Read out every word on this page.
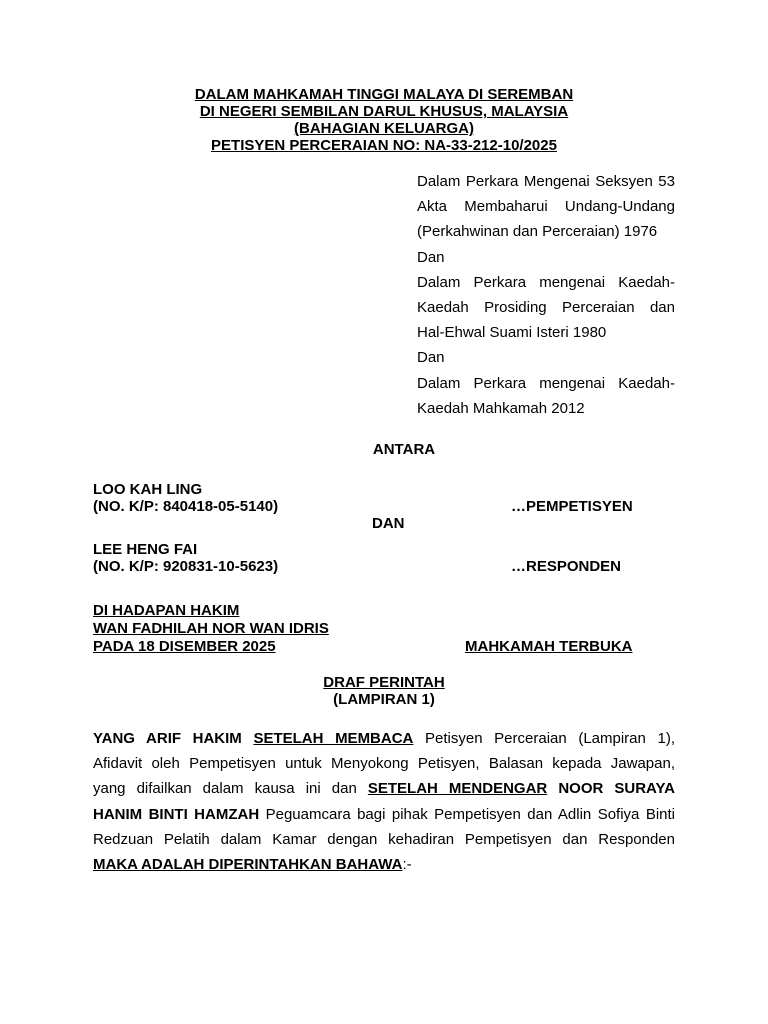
DALAM MAHKAMAH TINGGI MALAYA DI SEREMBAN
DI NEGERI SEMBILAN DARUL KHUSUS, MALAYSIA
(BAHAGIAN KELUARGA)
PETISYEN PERCERAIAN NO: NA-33-212-10/2025
Dalam Perkara Mengenai Seksyen 53
Akta Membaharui Undang-Undang
(Perkahwinan dan Perceraian) 1976
Dan
Dalam Perkara mengenai Kaedah-
Kaedah Prosiding Perceraian dan
Hal-Ehwal Suami Isteri 1980
Dan
Dalam Perkara mengenai Kaedah-
Kaedah Mahkamah 2012
ANTARA
LOO KAH LING
(NO. K/P: 840418-05-5140)	…PEMPETISYEN
DAN
LEE HENG FAI
(NO. K/P: 920831-10-5623)	…RESPONDEN
DI HADAPAN HAKIM
WAN FADHILAH NOR WAN IDRIS
PADA 18 DISEMBER 2025	MAHKAMAH TERBUKA
DRAF PERINTAH
(LAMPIRAN 1)
YANG ARIF HAKIM SETELAH MEMBACA Petisyen Perceraian (Lampiran 1),
Afidavit oleh Pempetisyen untuk Menyokong Petisyen, Balasan kepada Jawapan,
yang difailkan dalam kausa ini dan SETELAH MENDENGAR NOOR SURAYA
HANIM BINTI HAMZAH Peguamcara bagi pihak Pempetisyen dan Adlin Sofiya Binti
Redzuan Pelatih dalam Kamar dengan kehadiran Pempetisyen dan Responden
MAKA ADALAH DIPERINTAHKAN BAHAWA:-
